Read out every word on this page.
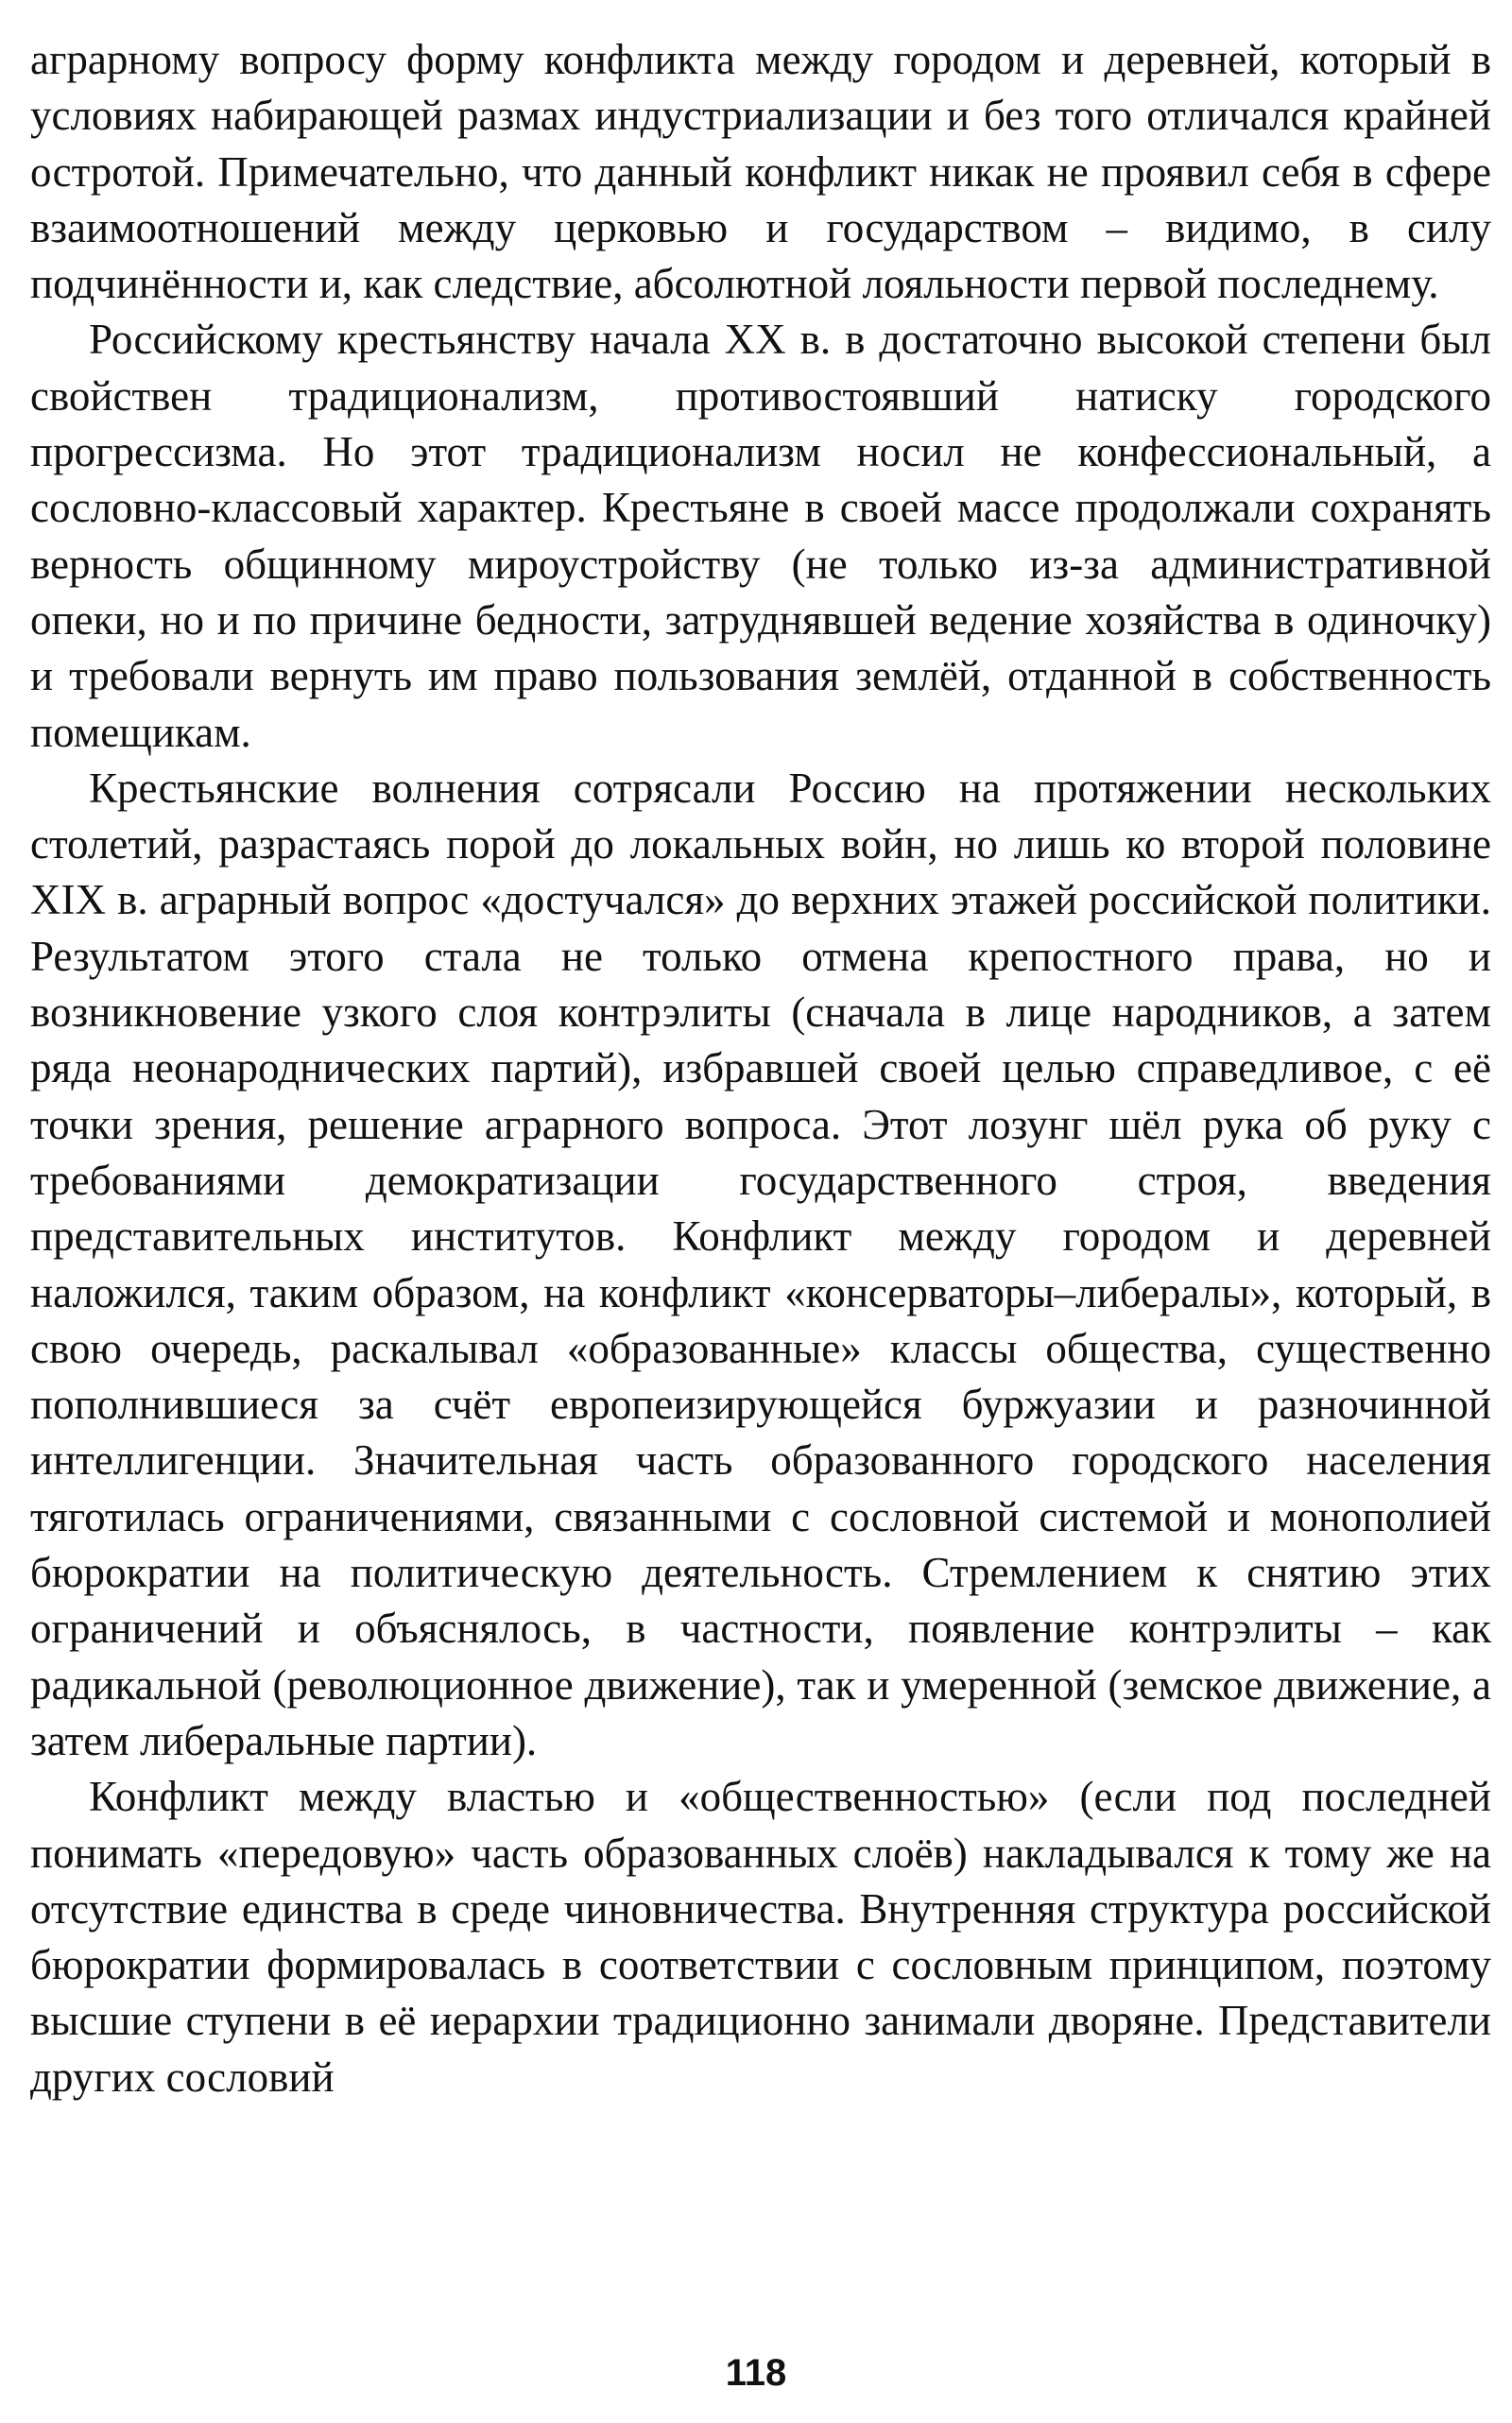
аграрному вопросу форму конфликта между городом и деревней, который в условиях набирающей размах индустриализации и без того отличался крайней остротой. Примечательно, что данный конфликт никак не проявил себя в сфере взаимоотношений между церковью и государством – видимо, в силу подчинённости и, как следствие, абсолютной лояльности первой последнему.

Российскому крестьянству начала XX в. в достаточно высокой степени был свойствен традиционализм, противостоявший натиску городского прогрессизма. Но этот традиционализм носил не конфессиональный, а сословно-классовый характер. Крестьяне в своей массе продолжали сохранять верность общинному мироустройству (не только из-за административной опеки, но и по причине бедности, затруднявшей ведение хозяйства в одиночку) и требовали вернуть им право пользования землёй, отданной в собственность помещикам.

Крестьянские волнения сотрясали Россию на протяжении нескольких столетий, разрастаясь порой до локальных войн, но лишь ко второй половине XIX в. аграрный вопрос «достучался» до верхних этажей российской политики. Результатом этого стала не только отмена крепостного права, но и возникновение узкого слоя контрэлиты (сначала в лице народников, а затем ряда неонароднических партий), избравшей своей целью справедливое, с её точки зрения, решение аграрного вопроса. Этот лозунг шёл рука об руку с требованиями демократизации государственного строя, введения представительных институтов. Конфликт между городом и деревней наложился, таким образом, на конфликт «консерваторы–либералы», который, в свою очередь, раскалывал «образованные» классы общества, существенно пополнившиеся за счёт европеизирующейся буржуазии и разночинной интеллигенции. Значительная часть образованного городского населения тяготилась ограничениями, связанными с сословной системой и монополией бюрократии на политическую деятельность. Стремлением к снятию этих ограничений и объяснялось, в частности, появление контрэлиты – как радикальной (революционное движение), так и умеренной (земское движение, а затем либеральные партии).

Конфликт между властью и «общественностью» (если под последней понимать «передовую» часть образованных слоёв) накладывался к тому же на отсутствие единства в среде чиновничества. Внутренняя структура российской бюрократии формировалась в соответствии с сословным принципом, поэтому высшие ступени в её иерархии традиционно занимали дворяне. Представители других сословий

118
